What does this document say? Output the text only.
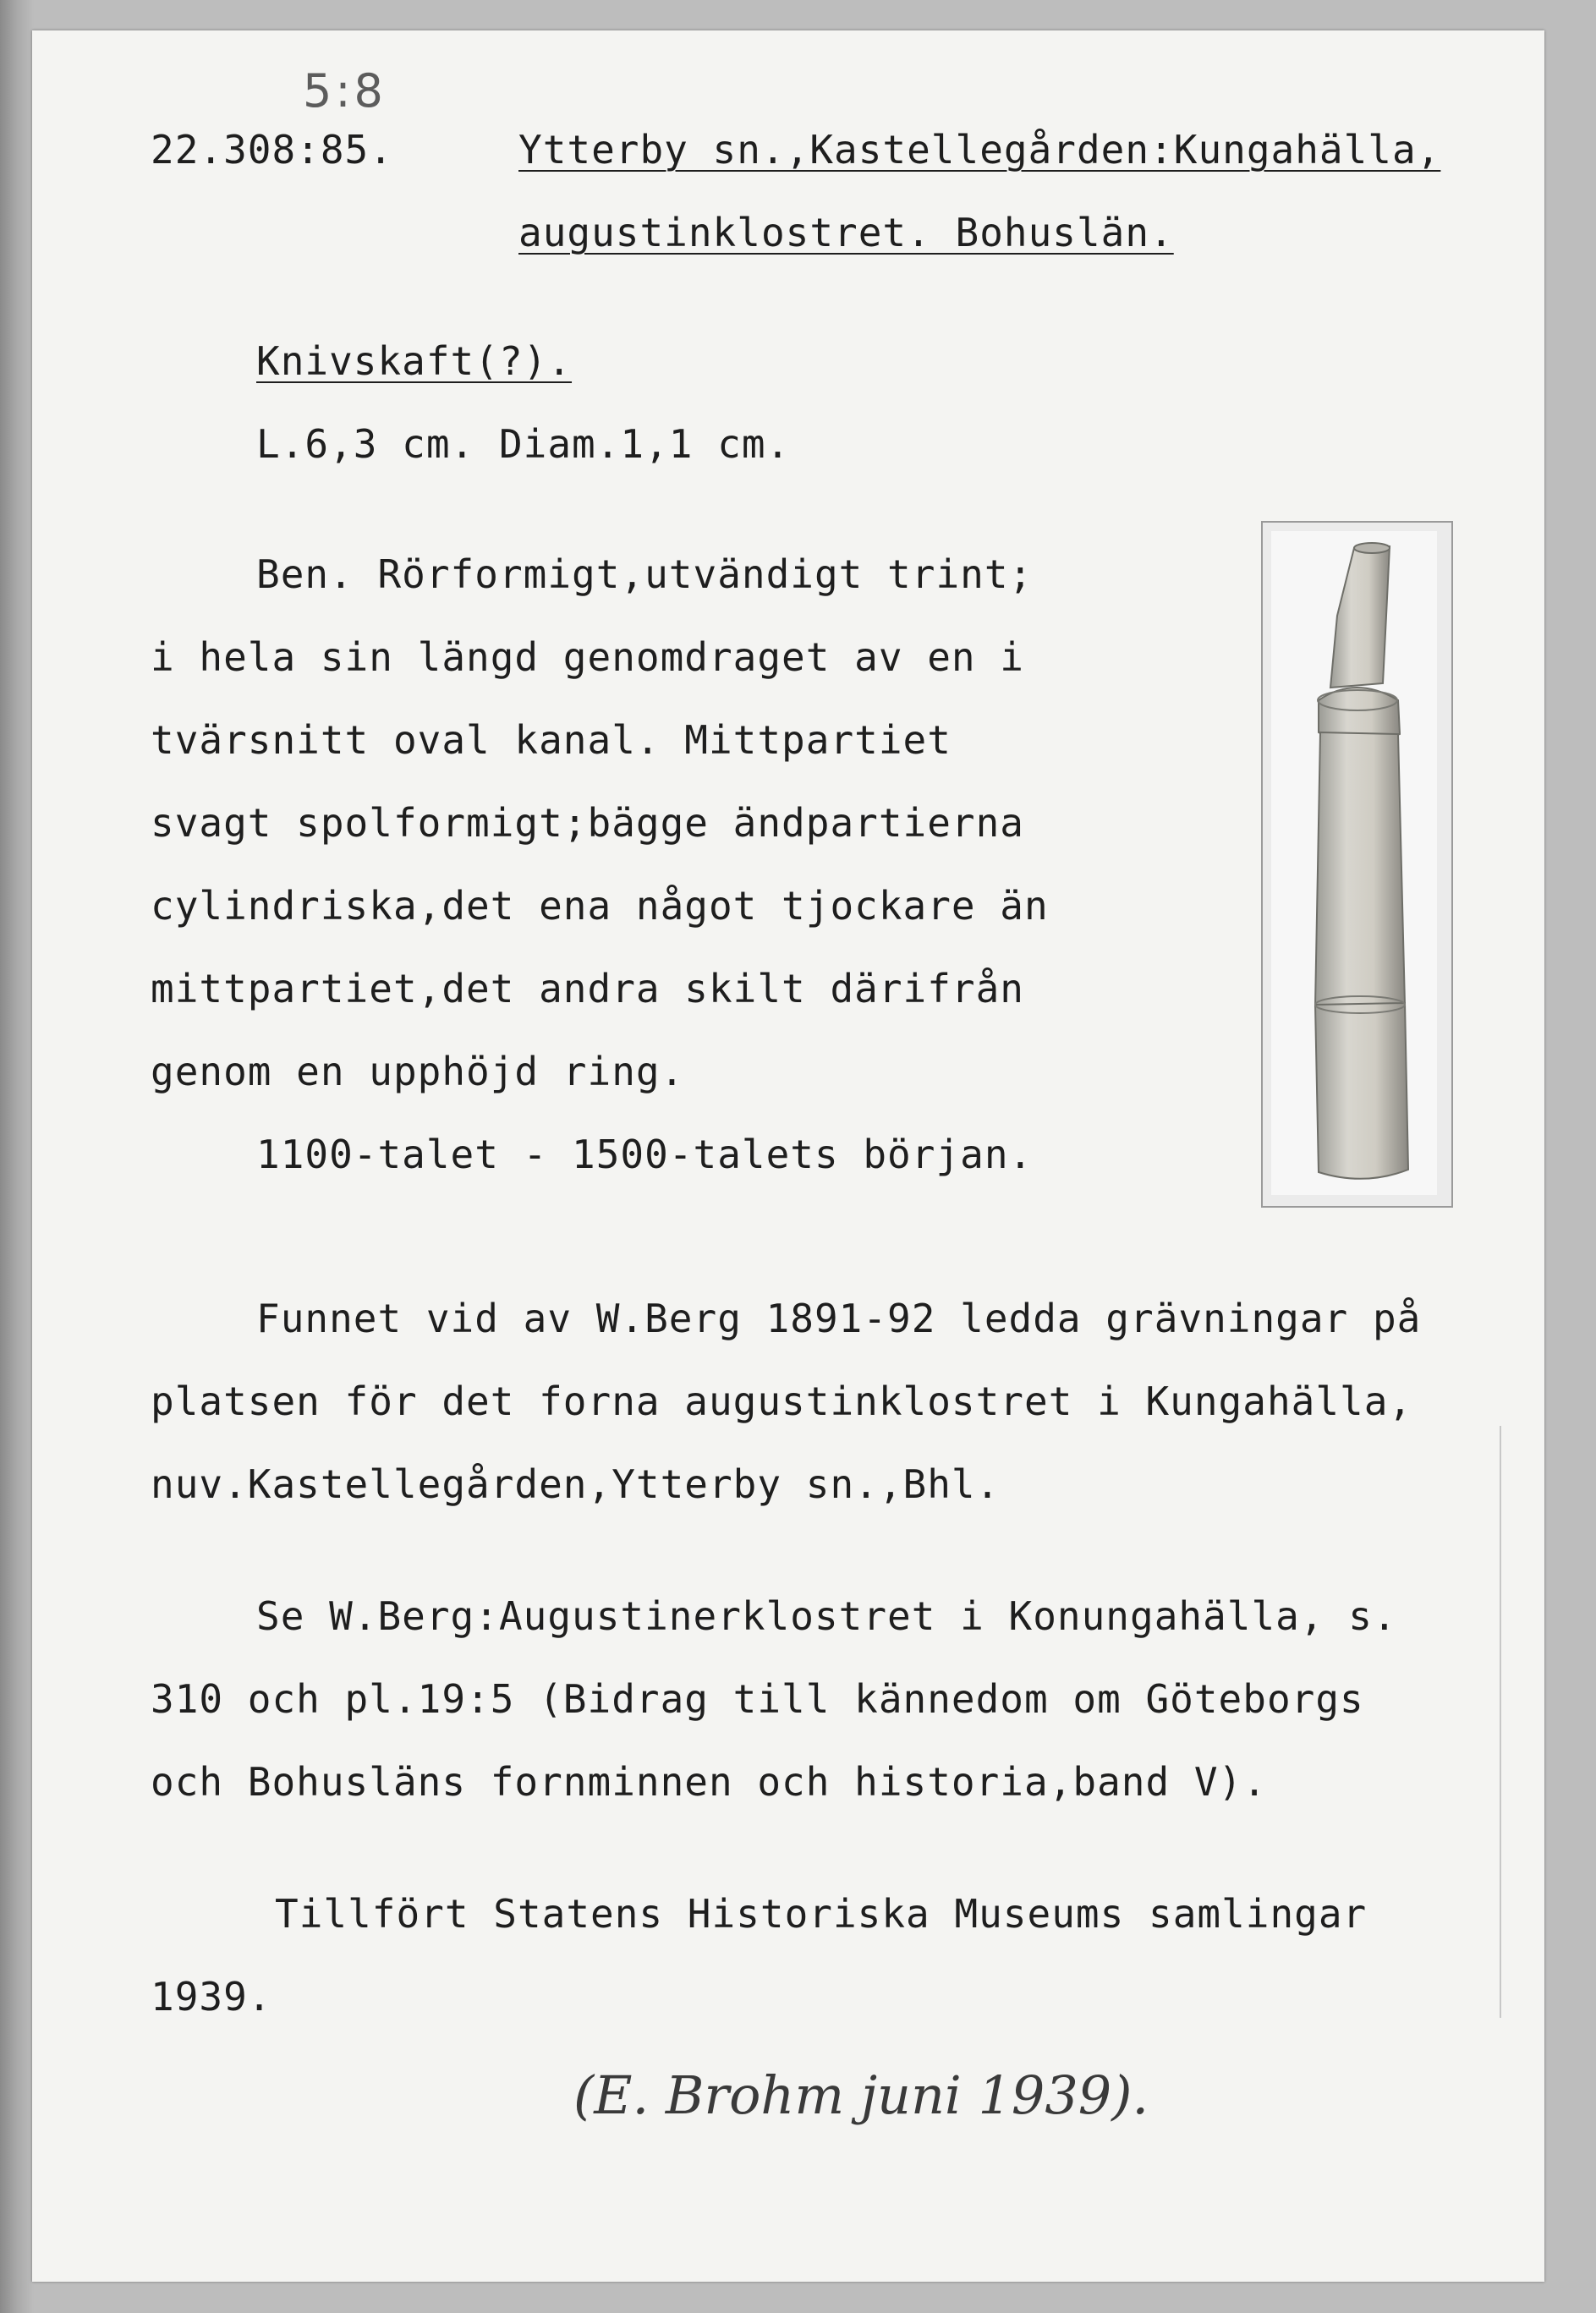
5:8
22.308:85.	Ytterby sn.,Kastellegården:Kungahälla,
augustinklostret. Bohuslän.
Knivskaft(?).
L.6,3 cm. Diam.1,1 cm.
Ben. Rörformigt,utvändigt trint;
i hela sin längd genomdraget av en i
tvärsnitt oval kanal. Mittpartiet
svagt spolformigt;bägge ändpartierna
cylindriska,det ena något tjockare än
mittpartiet,det andra skilt därifrån
genom en upphöjd ring.
1100-talet - 1500-talets början.
Funnet vid av W.Berg 1891-92 ledda grävningar på
platsen för det forna augustinklostret i Kungahälla,
nuv.Kastellegården,Ytterby sn.,Bhl.
Se W.Berg:Augustinerklostret i Konungahälla, s.
310 och pl.19:5 (Bidrag till kännedom om Göteborgs
och Bohusläns fornminnen och historia,band V).
Tillfört Statens Historiska Museums samlingar
1939.
(E. Brohm juni 1939).
